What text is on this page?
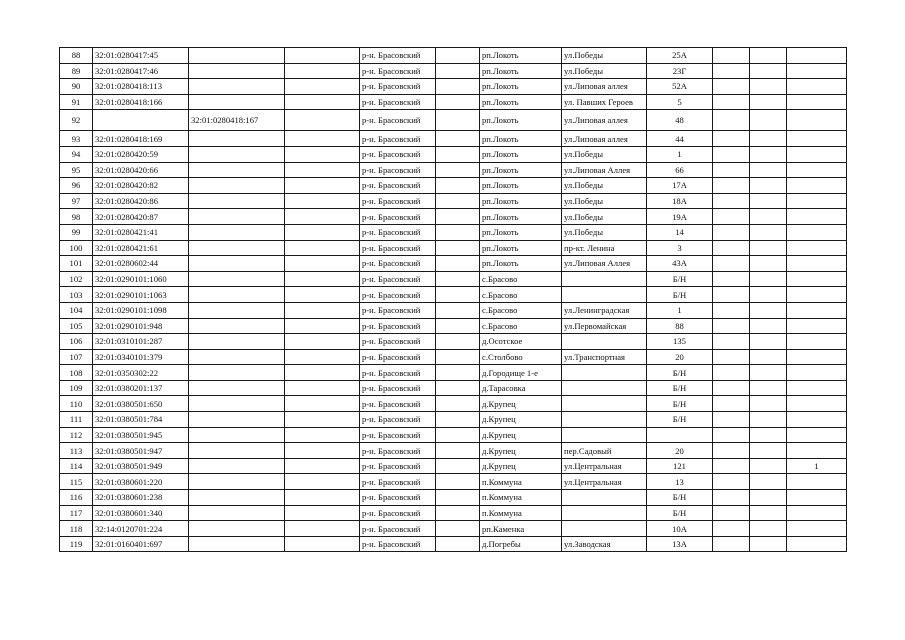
88	32:01:0280417:45			р-н. Брасовский		рп.Локоть	ул.Победы	25А			
89	32:01:0280417:46			р-н. Брасовский		рп.Локоть	ул.Победы	23Г			
90	32:01:0280418:113			р-н. Брасовский		рп.Локоть	ул.Липовая аллея	52А			
91	32:01:0280418:166			р-н. Брасовский		рп.Локоть	ул. Павших Героев	5			
92		32:01:0280418:167		р-н. Брасовский		рп.Локоть	ул.Липовая аллея	48			
93	32:01:0280418:169			р-н. Брасовский		рп.Локоть	ул.Липовая аллея	44			
94	32:01:0280420:59			р-н. Брасовский		рп.Локоть	ул.Победы	1			
95	32:01:0280420:66			р-н. Брасовский		рп.Локоть	ул.Липовая Аллея	66			
96	32:01:0280420:82			р-н. Брасовский		рп.Локоть	ул.Победы	17А			
97	32:01:0280420:86			р-н. Брасовский		рп.Локоть	ул.Победы	18А			
98	32:01:0280420:87			р-н. Брасовский		рп.Локоть	ул.Победы	19А			
99	32:01:0280421:41			р-н. Брасовский		рп.Локоть	ул.Победы	14			
100	32:01:0280421:61			р-н. Брасовский		рп.Локоть	пр-кт. Ленина	3			
101	32:01:0280602:44			р-н. Брасовский		рп.Локоть	ул.Липовая Аллея	43А			
102	32:01:0290101:1060			р-н. Брасовский		с.Брасово		Б/Н			
103	32:01:0290101:1063			р-н. Брасовский		с.Брасово		Б/Н			
104	32:01:0290101:1098			р-н. Брасовский		с.Брасово	ул.Ленинградская	1			
105	32:01:0290101:948			р-н. Брасовский		с.Брасово	ул.Первомайская	88			
106	32:01:0310101:287			р-н. Брасовский		д.Осотское		135			
107	32:01:0340101:379			р-н. Брасовский		с.Столбово	ул.Транспортная	20			
108	32:01:0350302:22			р-н. Брасовский		д.Городище 1-е		Б/Н			
109	32:01:0380201:137			р-н. Брасовский		д.Тарасовка		Б/Н			
110	32:01:0380501:650			р-н. Брасовский		д.Крупец		Б/Н			
111	32:01:0380501:784			р-н. Брасовский		д.Крупец		Б/Н			
112	32:01:0380501:945			р-н. Брасовский		д.Крупец					
113	32:01:0380501:947			р-н. Брасовский		д.Крупец	пер.Садовый	20			
114	32:01:0380501:949			р-н. Брасовский		д.Крупец	ул.Центральная	121			1
115	32:01:0380601:220			р-н. Брасовский		п.Коммуна	ул.Центральная	13			
116	32:01:0380601:238			р-н. Брасовский		п.Коммуна		Б/Н			
117	32:01:0380601:340			р-н. Брасовский		п.Коммуна		Б/Н			
118	32:14:0120701:224			р-н. Брасовский		рп.Каменка		10А			
119	32:01:0160401:697			р-н. Брасовский		д.Погребы	ул.Заводская	13А			
